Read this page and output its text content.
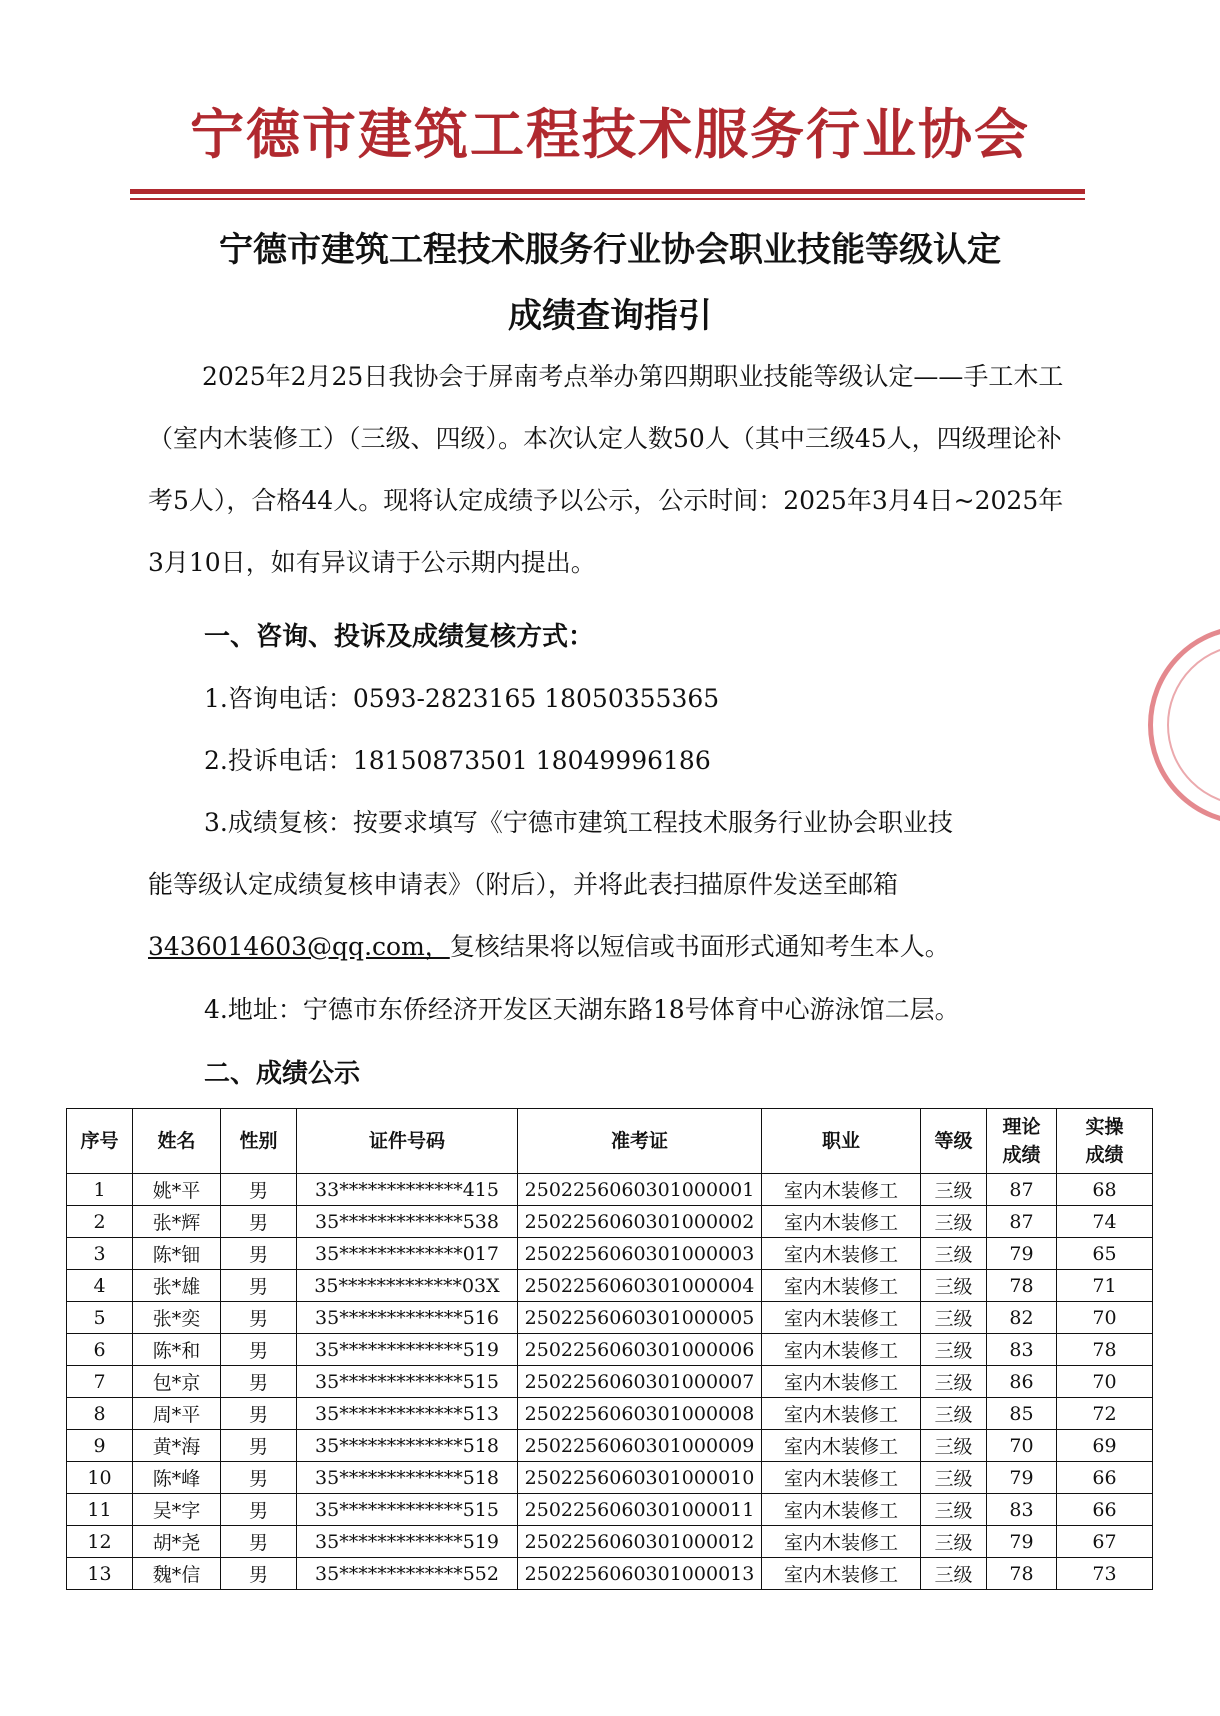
宁德市建筑工程技术服务行业协会
宁德市建筑工程技术服务行业协会职业技能等级认定
成绩查询指引

2025年2月25日我协会于屏南考点举办第四期职业技能等级认定——手工木工（室内木装修工）（三级、四级）。本次认定人数50人（其中三级45人，四级理论补考5人），合格44人。现将认定成绩予以公示，公示时间：2025年3月4日~2025年3月10日，如有异议请于公示期内提出。

一、咨询、投诉及成绩复核方式：
1.咨询电话：0593-2823165 18050355365
2.投诉电话：18150873501 18049996186
3.成绩复核：按要求填写《宁德市建筑工程技术服务行业协会职业技
能等级认定成绩复核申请表》（附后），并将此表扫描原件发送至邮箱
3436014603@qq.com，复核结果将以短信或书面形式通知考生本人。
4.地址：宁德市东侨经济开发区天湖东路18号体育中心游泳馆二层。
二、成绩公示
序号	姓名	性别	证件号码	准考证	职业	等级	理论
成绩	实操
成绩
1	姚*平	男	33*************415	2502256060301000001	室内木装修工	三级	87	68
2	张*辉	男	35*************538	2502256060301000002	室内木装修工	三级	87	74
3	陈*钿	男	35*************017	2502256060301000003	室内木装修工	三级	79	65
4	张*雄	男	35*************03X	2502256060301000004	室内木装修工	三级	78	71
5	张*奕	男	35*************516	2502256060301000005	室内木装修工	三级	82	70
6	陈*和	男	35*************519	2502256060301000006	室内木装修工	三级	83	78
7	包*京	男	35*************515	2502256060301000007	室内木装修工	三级	86	70
8	周*平	男	35*************513	2502256060301000008	室内木装修工	三级	85	72
9	黄*海	男	35*************518	2502256060301000009	室内木装修工	三级	70	69
10	陈*峰	男	35*************518	2502256060301000010	室内木装修工	三级	79	66
11	吴*字	男	35*************515	2502256060301000011	室内木装修工	三级	83	66
12	胡*尧	男	35*************519	2502256060301000012	室内木装修工	三级	79	67
13	魏*信	男	35*************552	2502256060301000013	室内木装修工	三级	78	73
